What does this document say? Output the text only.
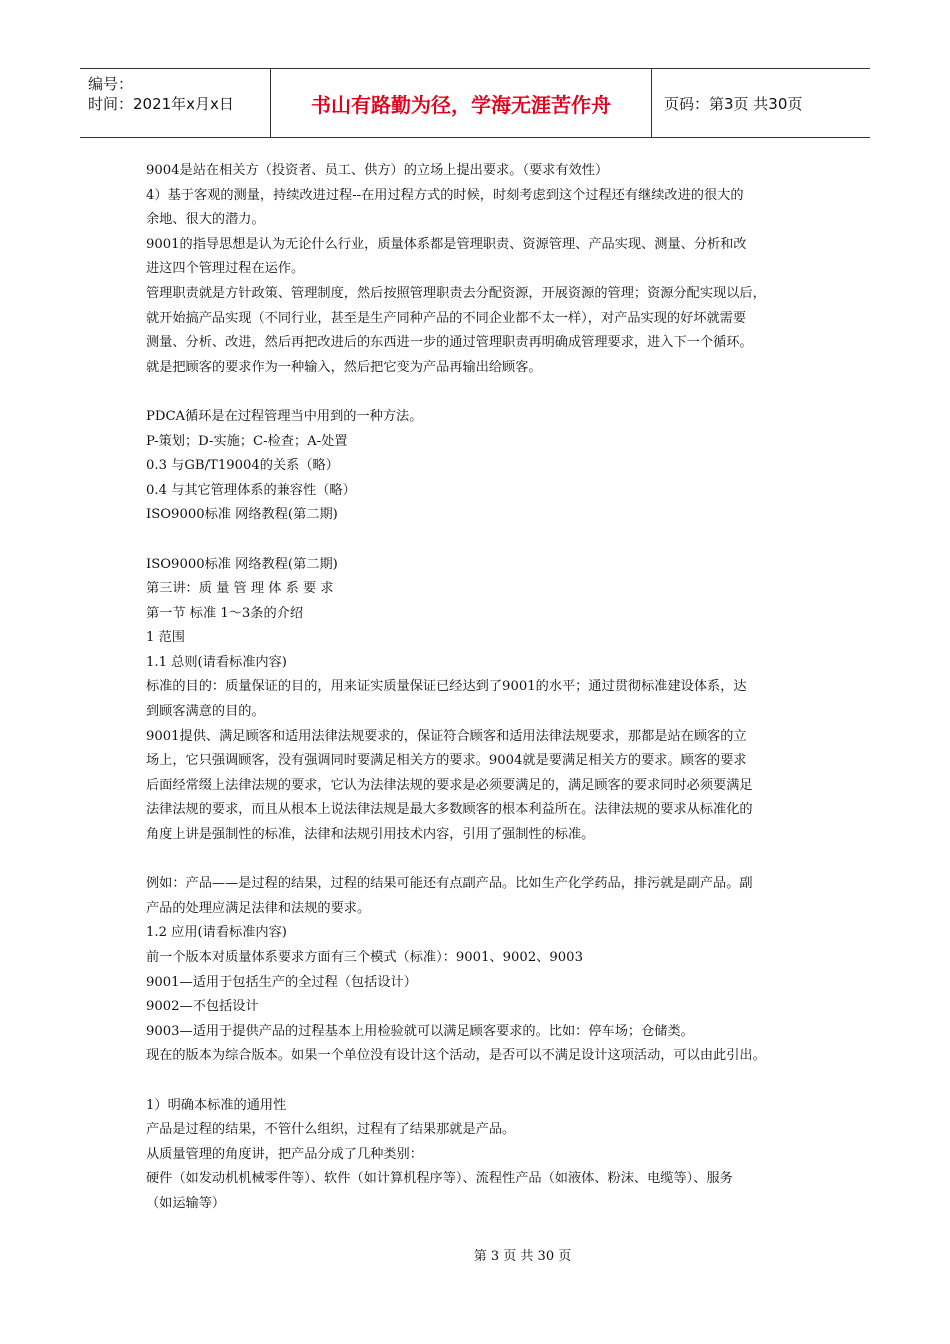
编号：
时间：2021年x月x日	书山有路勤为径，学海无涯苦作舟	页码：第3页 共30页
9004是站在相关方（投资者、员工、供方）的立场上提出要求。（要求有效性）
4）基于客观的测量，持续改进过程--在用过程方式的时候，时刻考虑到这个过程还有继续改进的很大的
余地、很大的潜力。
9001的指导思想是认为无论什么行业，质量体系都是管理职责、资源管理、产品实现、测量、分析和改
进这四个管理过程在运作。
管理职责就是方针政策、管理制度，然后按照管理职责去分配资源，开展资源的管理；资源分配实现以后，
就开始搞产品实现（不同行业，甚至是生产同种产品的不同企业都不太一样），对产品实现的好坏就需要
测量、分析、改进，然后再把改进后的东西进一步的通过管理职责再明确成管理要求，进入下一个循环。
就是把顾客的要求作为一种输入，然后把它变为产品再输出给顾客。
PDCA循环是在过程管理当中用到的一种方法。
P-策划；D-实施；C-检查；A-处置
0.3 与GB/T19004的关系（略）
0.4 与其它管理体系的兼容性（略）
ISO9000标准 网络教程(第二期)
ISO9000标准 网络教程(第二期)
第三讲：质 量 管 理 体 系 要 求
第一节 标准 1～3条的介绍
1 范围
1.1 总则(请看标准内容)
标准的目的：质量保证的目的，用来证实质量保证已经达到了9001的水平；通过贯彻标准建设体系，达
到顾客满意的目的。
9001提供、满足顾客和适用法律法规要求的，保证符合顾客和适用法律法规要求，那都是站在顾客的立
场上，它只强调顾客，没有强调同时要满足相关方的要求。9004就是要满足相关方的要求。顾客的要求
后面经常缀上法律法规的要求，它认为法律法规的要求是必须要满足的，满足顾客的要求同时必须要满足
法律法规的要求，而且从根本上说法律法规是最大多数顾客的根本利益所在。法律法规的要求从标准化的
角度上讲是强制性的标准，法律和法规引用技术内容，引用了强制性的标准。
例如：产品——是过程的结果，过程的结果可能还有点副产品。比如生产化学药品，排污就是副产品。副
产品的处理应满足法律和法规的要求。
1.2 应用(请看标准内容)
前一个版本对质量体系要求方面有三个模式（标准）：9001、9002、9003
9001—适用于包括生产的全过程（包括设计）
9002—不包括设计
9003—适用于提供产品的过程基本上用检验就可以满足顾客要求的。比如：停车场；仓储类。
现在的版本为综合版本。如果一个单位没有设计这个活动，是否可以不满足设计这项活动，可以由此引出。
1）明确本标准的通用性
产品是过程的结果，不管什么组织，过程有了结果那就是产品。
从质量管理的角度讲，把产品分成了几种类别：
硬件（如发动机机械零件等）、软件（如计算机程序等）、流程性产品（如液体、粉沫、电缆等）、服务
（如运输等）
第 3 页 共 30 页
